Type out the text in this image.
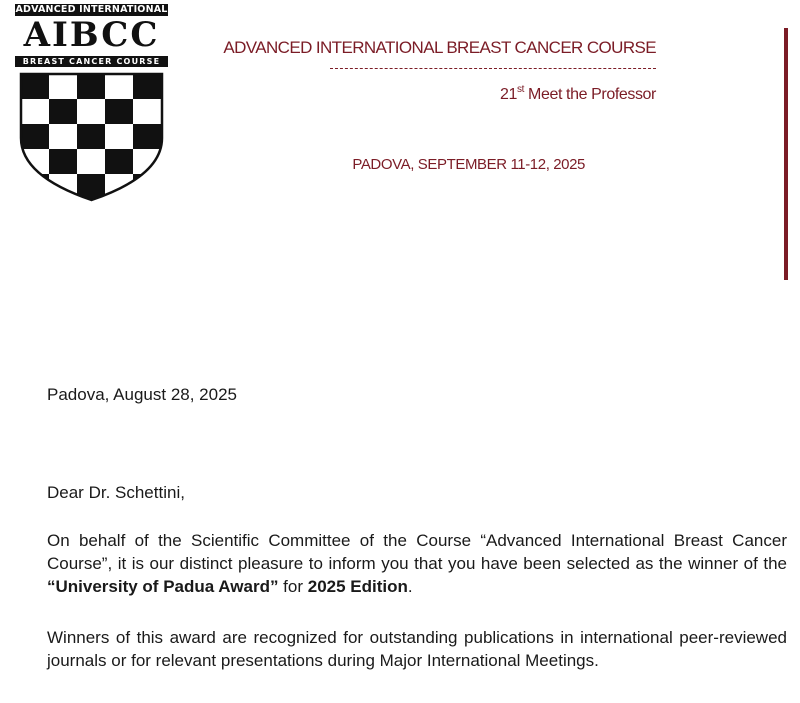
ADVANCED INTERNATIONAL
AIBCC
BREAST CANCER COURSE
ADVANCED INTERNATIONAL BREAST CANCER COURSE
21st Meet the Professor
PADOVA, SEPTEMBER 11-12, 2025
Padova, August 28, 2025
Dear Dr. Schettini,
On behalf of the Scientific Committee of the Course “Advanced International Breast Cancer Course”, it is our distinct pleasure to inform you that you have been selected as the winner of the “University of Padua Award” for 2025 Edition.
Winners of this award are recognized for outstanding publications in international peer-reviewed journals or for relevant presentations during Major International Meetings.
